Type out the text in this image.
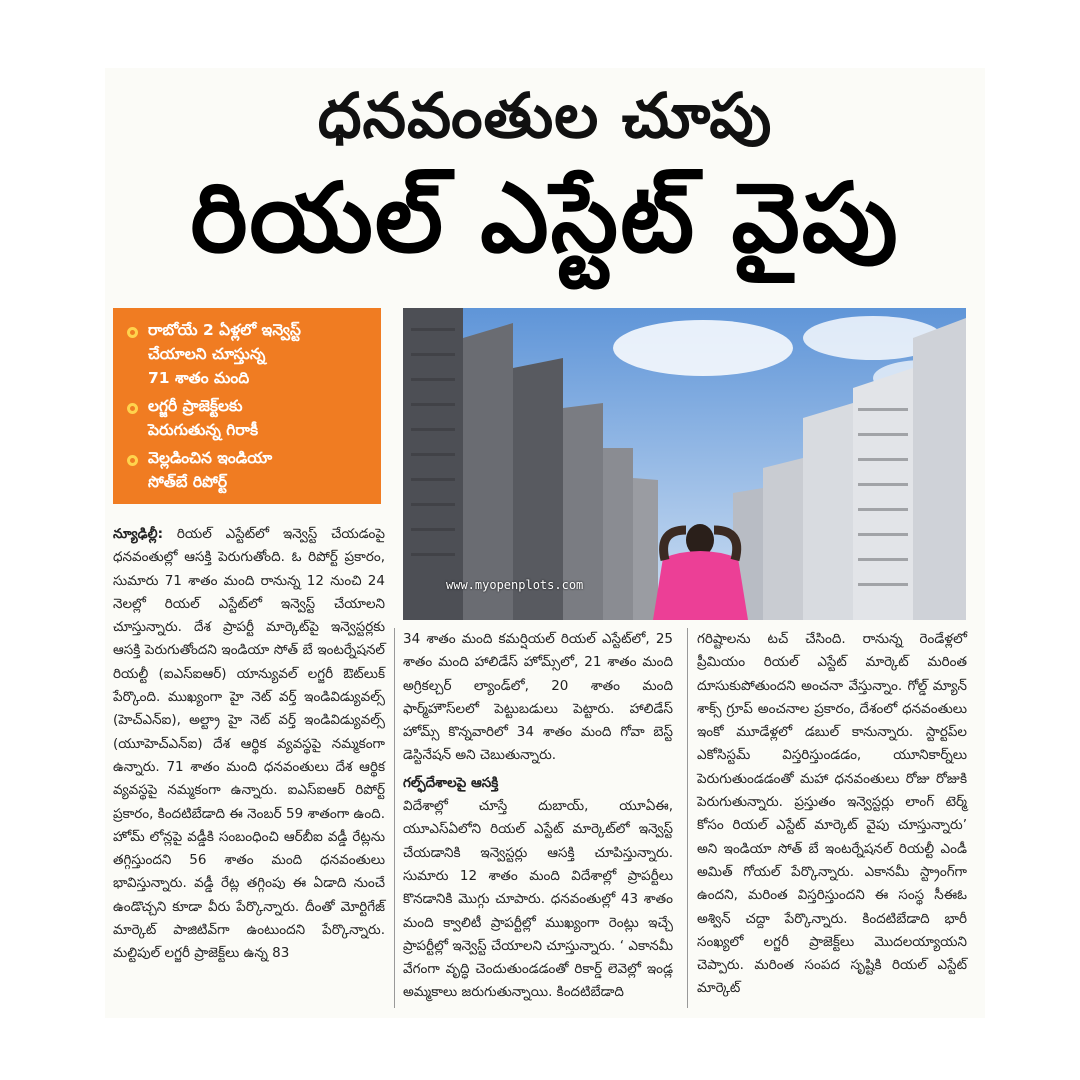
ధనవంతుల చూపు
రియల్ ఎస్టేట్ వైపు
రాబోయే 2 ఏళ్లలో ఇన్వెస్ట్
చేయాలని చూస్తున్న
71 శాతం మంది
లగ్జరీ ప్రాజెక్ట్‌లకు
పెరుగుతున్న గిరాకీ
వెల్లడించిన ఇండియా
సోత్‌బే రిపోర్ట్
www.myopenplots.com
న్యూఢిల్లీ: రియల్ ఎస్టేట్‌లో ఇన్వెస్ట్ చేయడంపై ధనవంతుల్లో ఆసక్తి పెరుగుతోంది. ఓ రిపోర్ట్ ప్రకారం, సుమారు 71 శాతం మంది రానున్న 12 నుంచి 24 నెలల్లో రియల్ ఎస్టేట్‌లో ఇన్వెస్ట్ చేయాలని చూస్తున్నారు. దేశ ప్రాపర్టీ మార్కెట్‌పై ఇన్వెస్టర్లకు ఆసక్తి పెరుగుతోందని ఇండియా సోత్ బే ఇంటర్నేషనల్ రియల్టీ (ఐఎస్ఐఆర్) యాన్యువల్ లగ్జరీ ఔట్‌లుక్ పేర్కొంది. ముఖ్యంగా హై నెట్ వర్త్ ఇండివిడ్యువల్స్ (హెచ్ఎన్ఐ), అల్ట్రా హై నెట్ వర్త్ ఇండివిడ్యువల్స్ (యూహెచ్ఎన్ఐ) దేశ ఆర్థిక వ్యవస్థపై నమ్మకంగా ఉన్నారు. 71 శాతం మంది ధనవంతులు దేశ ఆర్థిక వ్యవస్థపై నమ్మకంగా ఉన్నారు. ఐఎస్ఐఆర్ రిపోర్ట్ ప్రకారం, కిందటిబేడాది ఈ నెంబర్ 59 శాతంగా ఉంది. హోమ్ లోన్లపై వడ్డీకి సంబంధించి ఆర్‌బీఐ వడ్డీ రేట్లను తగ్గిస్తుందని 56 శాతం మంది ధనవంతులు భావిస్తున్నారు. వడ్డీ రేట్ల తగ్గింపు ఈ ఏడాది నుంచే ఉండొచ్చని కూడా వీరు పేర్కొన్నారు. దీంతో మోర్టిగేజ్ మార్కెట్ పాజిటివ్‌గా ఉంటుందని పేర్కొన్నారు. మల్టిపుల్ లగ్జరీ ప్రాజెక్ట్‌లు ఉన్న 83
34 శాతం మంది కమర్షియల్ రియల్ ఎస్టేట్‌లో, 25 శాతం మంది హాలిడేస్ హోమ్స్‌లో, 21 శాతం మంది అగ్రికల్చర్ ల్యాండ్‌లో, 20 శాతం మంది ఫార్మ్‌హౌస్‌లలో పెట్టుబడులు పెట్టారు. హాలిడేస్ హోమ్స్ కొన్నవారిలో 34 శాతం మంది గోవా బెస్ట్ డెస్టినేషన్ అని చెబుతున్నారు.
గల్ఫ్‌దేశాలపై ఆసక్తి
విదేశాల్లో చూస్తే దుబాయ్, యూఏఈ, యూఎస్ఏలోని రియల్ ఎస్టేట్ మార్కెట్‌లో ఇన్వెస్ట్ చేయడానికి ఇన్వెస్టర్లు ఆసక్తి చూపిస్తున్నారు. సుమారు 12 శాతం మంది విదేశాల్లో ప్రాపర్టీలు కొనడానికి మొగ్గు చూపారు. ధనవంతుల్లో 43 శాతం మంది క్వాలిటీ ప్రాపర్టీల్లో ముఖ్యంగా రెంట్లు ఇచ్చే ప్రాపర్టీల్లో ఇన్వెస్ట్ చేయాలని చూస్తున్నారు. ‘ ఎకానమీ వేగంగా వృద్ధి చెందుతుండడంతో రికార్డ్ లెవెల్లో ఇండ్ల అమ్మకాలు జరుగుతున్నాయి. కిందటిబేడాది
గరిష్టాలను టచ్ చేసింది. రానున్న రెండేళ్లలో ప్రీమియం రియల్ ఎస్టేట్ మార్కెట్ మరింత దూసుకుపోతుందని అంచనా వేస్తున్నాం. గోల్డ్ మ్యాన్ శాక్స్ గ్రూప్ అంచనాల ప్రకారం, దేశంలో ధనవంతులు ఇంకో మూడేళ్లలో డబుల్ కానున్నారు. స్టార్టప్‌ల ఎకోసిస్టమ్ విస్తరిస్తుండడం, యూనికార్న్‌లు పెరుగుతుండడంతో మహా ధనవంతులు రోజు రోజుకి పెరుగుతున్నారు. ప్రస్తుతం ఇన్వెస్టర్లు లాంగ్ టెర్మ్ కోసం రియల్ ఎస్టేట్ మార్కెట్ వైపు చూస్తున్నారు’ అని ఇండియా సోత్ బే ఇంటర్నేషనల్ రియల్టీ ఎండీ అమిత్ గోయల్ పేర్కొన్నారు. ఎకానమీ స్ట్రాంగ్‌గా ఉందని, మరింత విస్తరిస్తుందని ఈ సంస్థ సీఈఓ అశ్విన్ చద్దా పేర్కొన్నారు. కిందటిబేడాది భారీ సంఖ్యలో లగ్జరీ ప్రాజెక్ట్‌లు మొదలయ్యాయని చెప్పారు. మరింత సంపద సృష్టికి రియల్ ఎస్టేట్ మార్కెట్
